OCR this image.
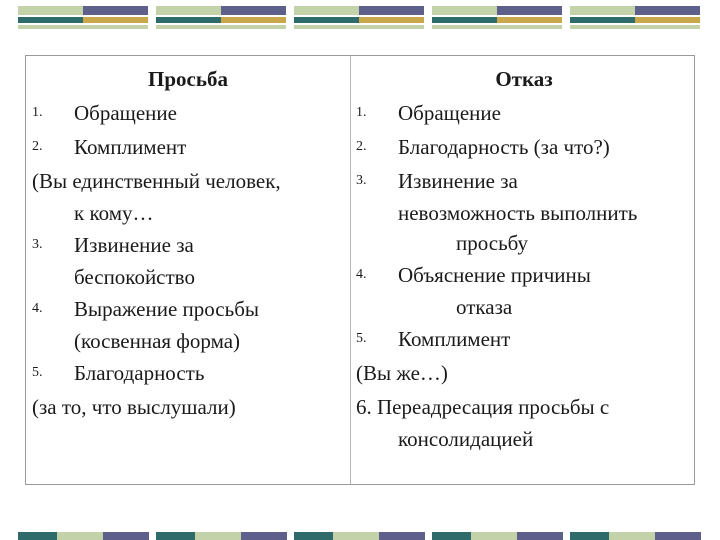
Просьба
1. Обращение
2. Комплимент
(Вы единственный человек,
к кому…
3. Извинение за
беспокойство
4. Выражение просьбы
(косвенная форма)
5. Благодарность
(за то, что выслушали)
Отказ
1. Обращение
2. Благодарность (за что?)
3. Извинение за
невозможность выполнить
просьбу
4. Объяснение причины
отказа
5. Комплимент
(Вы же…)
6. Переадресация просьбы с
консолидацией
